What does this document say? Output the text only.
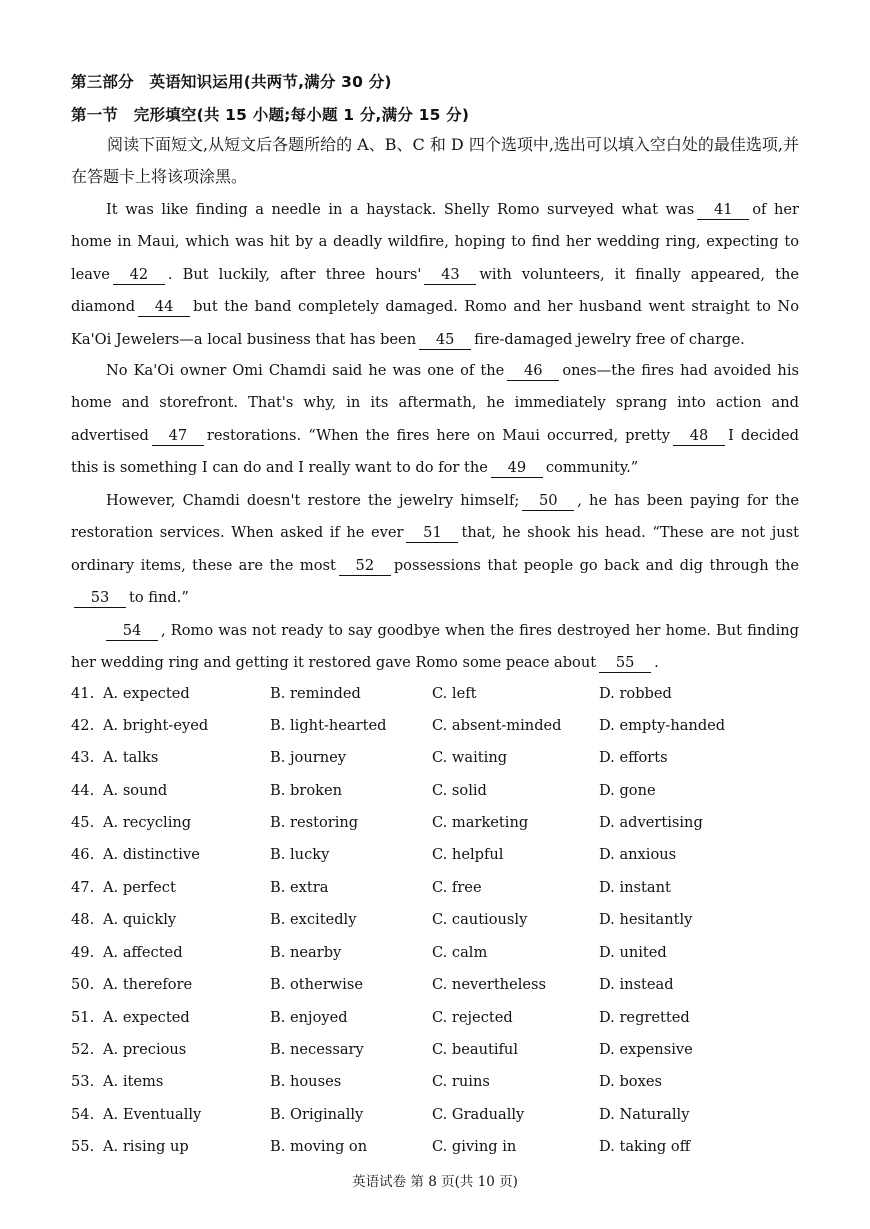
第三部分　英语知识运用(共两节,满分 30 分)
第一节　完形填空(共 15 小题;每小题 1 分,满分 15 分)
阅读下面短文,从短文后各题所给的 A、B、C 和 D 四个选项中,选出可以填入空白处的最佳选项,并在答题卡上将该项涂黑。
It was like finding a needle in a haystack. Shelly Romo surveyed what was 41 of her home in Maui, which was hit by a deadly wildfire, hoping to find her wedding ring, expecting to leave 42 . But luckily, after three hours' 43 with volunteers, it finally appeared, the diamond 44 but the band completely damaged. Romo and her husband went straight to No Ka'Oi Jewelers—a local business that has been 45 fire-damaged jewelry free of charge.
No Ka'Oi owner Omi Chamdi said he was one of the 46 ones—the fires had avoided his home and storefront. That's why, in its aftermath, he immediately sprang into action and advertised 47 restorations. “When the fires here on Maui occurred, pretty 48 I decided this is something I can do and I really want to do for the 49 community.”
However, Chamdi doesn't restore the jewelry himself; 50 , he has been paying for the restoration services. When asked if he ever 51 that, he shook his head. “These are not just ordinary items, these are the most 52 possessions that people go back and dig through the53 to find.”
54 , Romo was not ready to say goodbye when the fires destroyed her home. But finding her wedding ring and getting it restored gave Romo some peace about 55 .
41. A. expected	B. reminded	C. left	D. robbed
42. A. bright-eyed	B. light-hearted	C. absent-minded	D. empty-handed
43. A. talks	B. journey	C. waiting	D. efforts
44. A. sound	B. broken	C. solid	D. gone
45. A. recycling	B. restoring	C. marketing	D. advertising
46. A. distinctive	B. lucky	C. helpful	D. anxious
47. A. perfect	B. extra	C. free	D. instant
48. A. quickly	B. excitedly	C. cautiously	D. hesitantly
49. A. affected	B. nearby	C. calm	D. united
50. A. therefore	B. otherwise	C. nevertheless	D. instead
51. A. expected	B. enjoyed	C. rejected	D. regretted
52. A. precious	B. necessary	C. beautiful	D. expensive
53. A. items	B. houses	C. ruins	D. boxes
54. A. Eventually	B. Originally	C. Gradually	D. Naturally
55. A. rising up	B. moving on	C. giving in	D. taking off
英语试卷 第 8 页(共 10 页)
